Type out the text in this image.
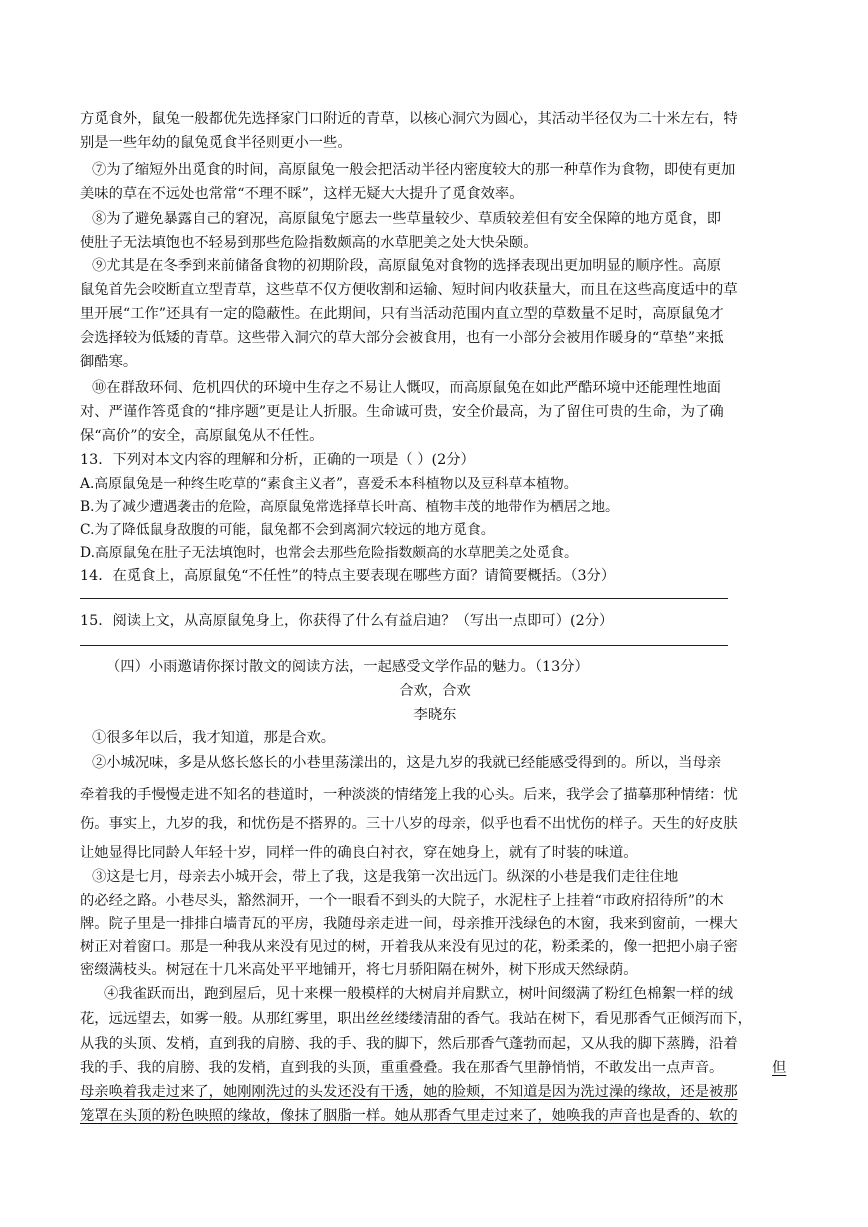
方觅食外，鼠兔一般都优先选择家门口附近的青草，以核心洞穴为圆心，其活动半径仅为二十米左右，特
别是一些年幼的鼠兔觅食半径则更小一些。
⑦为了缩短外出觅食的时间，高原鼠兔一般会把活动半径内密度较大的那一种草作为食物，即使有更加
美味的草在不远处也常常“不理不睬”，这样无疑大大提升了觅食效率。
⑧为了避免暴露自己的窘况，高原鼠兔宁愿去一些草量较少、草质较差但有安全保障的地方觅食，即
使肚子无法填饱也不轻易到那些危险指数颇高的水草肥美之处大快朵颐。
⑨尤其是在冬季到来前储备食物的初期阶段，高原鼠兔对食物的选择表现出更加明显的顺序性。高原
鼠兔首先会咬断直立型青草，这些草不仅方便收割和运输、短时间内收获量大，而且在这些高度适中的草
里开展“工作”还具有一定的隐蔽性。在此期间，只有当活动范围内直立型的草数量不足时，高原鼠兔才
会选择较为低矮的青草。这些带入洞穴的草大部分会被食用，也有一小部分会被用作暖身的“草垫”来抵
御酷寒。
⑩在群敌环伺、危机四伏的环境中生存之不易让人慨叹，而高原鼠兔在如此严酷环境中还能理性地面
对、严谨作答觅食的“排序题”更是让人折服。生命诚可贵，安全价最高，为了留住可贵的生命，为了确
保“高价”的安全，高原鼠兔从不任性。
13．下列对本文内容的理解和分析，正确的一项是（ ）(2分）
A.高原鼠兔是一种终生吃草的“素食主义者”，喜爱禾本科植物以及豆科草本植物。
B.为了减少遭遇袭击的危险，高原鼠兔常选择草长叶高、植物丰茂的地带作为栖居之地。
C.为了降低鼠身敌腹的可能，鼠兔都不会到离洞穴较远的地方觅食。
D.高原鼠兔在肚子无法填饱时，也常会去那些危险指数颇高的水草肥美之处觅食。
14．在觅食上，高原鼠兔“不任性”的特点主要表现在哪些方面？请简要概括。（3分）
15．阅读上文，从高原鼠兔身上，你获得了什么有益启迪？（写出一点即可）(2分）
（四）小雨邀请你探讨散文的阅读方法，一起感受文学作品的魅力。（13分）
合欢，合欢
李晓东
①很多年以后，我才知道，那是合欢。
②小城况味，多是从悠长悠长的小巷里荡漾出的，这是九岁的我就已经能感受得到的。所以，当母亲
牵着我的手慢慢走进不知名的巷道时，一种淡淡的情绪笼上我的心头。后来，我学会了描摹那种情绪：忧
伤。事实上，九岁的我，和忧伤是不搭界的。三十八岁的母亲，似乎也看不出忧伤的样子。天生的好皮肤
让她显得比同龄人年轻十岁，同样一件的确良白衬衣，穿在她身上，就有了时装的味道。
③这是七月，母亲去小城开会，带上了我，这是我第一次出远门。纵深的小巷是我们走往住地
的必经之路。小巷尽头，豁然洞开，一个一眼看不到头的大院子，水泥柱子上挂着“市政府招待所”的木
牌。院子里是一排排白墙青瓦的平房，我随母亲走进一间，母亲推开浅绿色的木窗，我来到窗前，一棵大
树正对着窗口。那是一种我从来没有见过的树，开着我从来没有见过的花，粉柔柔的，像一把把小扇子密
密缀满枝头。树冠在十几米高处平平地铺开，将七月骄阳隔在树外，树下形成天然绿荫。
④我雀跃而出，跑到屋后，见十来棵一般模样的大树肩并肩默立，树叶间缀满了粉红色棉絮一样的绒
花，远远望去，如雾一般。从那红雾里，职出丝丝缕缕清甜的香气。我站在树下，看见那香气正倾泻而下，
从我的头顶、发梢，直到我的肩膀、我的手、我的脚下，然后那香气蓬勃而起，又从我的脚下蒸腾，沿着
我的手、我的肩膀、我的发梢，直到我的头顶，重重叠叠。我在那香气里静悄悄，不敢发出一点声音。	但
母亲唤着我走过来了，她刚刚洗过的头发还没有干透，她的脸颊，不知道是因为洗过澡的缘故，还是被那
笼罩在头顶的粉色映照的缘故，像抹了胭脂一样。她从那香气里走过来了，她唤我的声音也是香的、软的
